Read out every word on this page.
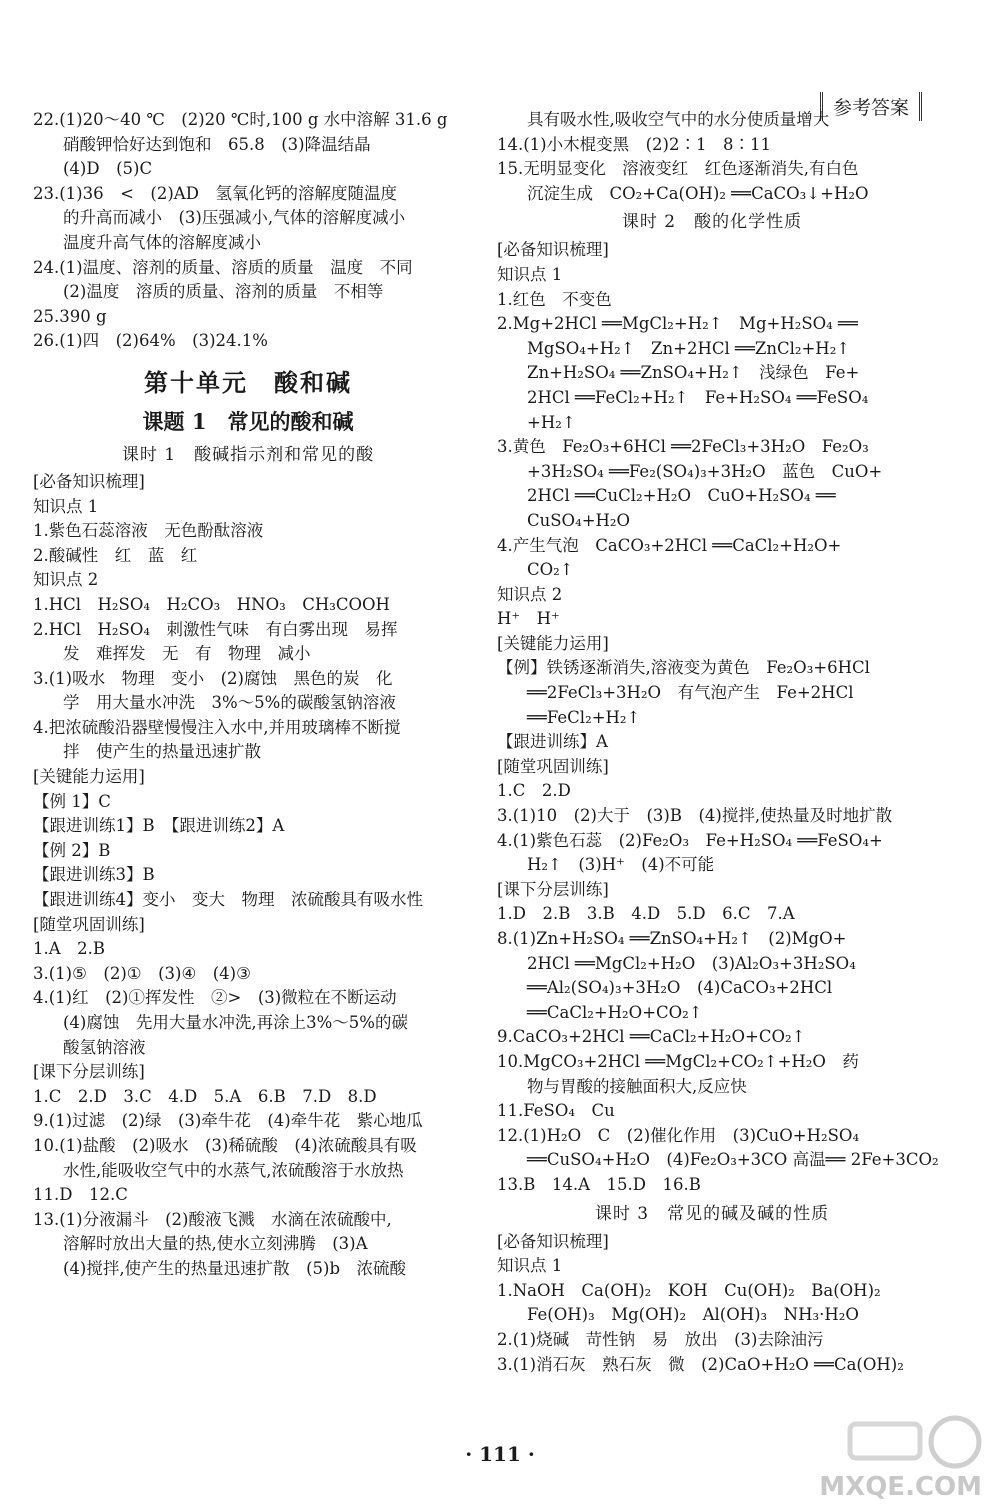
参考答案
22.(1)20～40 ℃　(2)20 ℃时,100 g 水中溶解 31.6 g
硝酸钾恰好达到饱和　65.8　(3)降温结晶
(4)D　(5)C
23.(1)36　<　(2)AD　氢氧化钙的溶解度随温度
的升高而减小　(3)压强减小,气体的溶解度减小
温度升高气体的溶解度减小
24.(1)温度、溶剂的质量、溶质的质量　温度　不同
(2)温度　溶质的质量、溶剂的质量　不相等
25.390 g
26.(1)四　(2)64%　(3)24.1%
第十单元　酸和碱
课题 1　常见的酸和碱
课时 1　酸碱指示剂和常见的酸
[必备知识梳理]
知识点 1
1.紫色石蕊溶液　无色酚酞溶液
2.酸碱性　红　蓝　红
知识点 2
1.HCl　H₂SO₄　H₂CO₃　HNO₃　CH₃COOH
2.HCl　H₂SO₄　刺激性气味　有白雾出现　易挥
发　难挥发　无　有　物理　减小
3.(1)吸水　物理　变小　(2)腐蚀　黑色的炭　化
学　用大量水冲洗　3%～5%的碳酸氢钠溶液
4.把浓硫酸沿器壁慢慢注入水中,并用玻璃棒不断搅
拌　使产生的热量迅速扩散
[关键能力运用]
【例 1】C
【跟进训练1】B　【跟进训练2】A
【例 2】B
【跟进训练3】B
【跟进训练4】变小　变大　物理　浓硫酸具有吸水性
[随堂巩固训练]
1.A　2.B
3.(1)⑤　(2)①　(3)④　(4)③
4.(1)红　(2)①挥发性　②>　(3)微粒在不断运动
(4)腐蚀　先用大量水冲洗,再涂上3%～5%的碳
酸氢钠溶液
[课下分层训练]
1.C　2.D　3.C　4.D　5.A　6.B　7.D　8.D
9.(1)过滤　(2)绿　(3)牵牛花　(4)牵牛花　紫心地瓜
10.(1)盐酸　(2)吸水　(3)稀硫酸　(4)浓硫酸具有吸
水性,能吸收空气中的水蒸气,浓硫酸溶于水放热
11.D　12.C
13.(1)分液漏斗　(2)酸液飞溅　水滴在浓硫酸中,
溶解时放出大量的热,使水立刻沸腾　(3)A
(4)搅拌,使产生的热量迅速扩散　(5)b　浓硫酸
具有吸水性,吸收空气中的水分使质量增大
14.(1)小木棍变黑　(2)2∶1　8∶11
15.无明显变化　溶液变红　红色逐渐消失,有白色
沉淀生成　CO₂+Ca(OH)₂ ══CaCO₃↓+H₂O
课时 2　酸的化学性质
[必备知识梳理]
知识点 1
1.红色　不变色
2.Mg+2HCl ══MgCl₂+H₂↑　Mg+H₂SO₄ ══
MgSO₄+H₂↑　Zn+2HCl ══ZnCl₂+H₂↑
Zn+H₂SO₄ ══ZnSO₄+H₂↑　浅绿色　Fe+
2HCl ══FeCl₂+H₂↑　Fe+H₂SO₄ ══FeSO₄
+H₂↑
3.黄色　Fe₂O₃+6HCl ══2FeCl₃+3H₂O　Fe₂O₃
+3H₂SO₄ ══Fe₂(SO₄)₃+3H₂O　蓝色　CuO+
2HCl ══CuCl₂+H₂O　CuO+H₂SO₄ ══
CuSO₄+H₂O
4.产生气泡　CaCO₃+2HCl ══CaCl₂+H₂O+
CO₂↑
知识点 2
H⁺　H⁺
[关键能力运用]
【例】铁锈逐渐消失,溶液变为黄色　Fe₂O₃+6HCl
══2FeCl₃+3H₂O　有气泡产生　Fe+2HCl
══FeCl₂+H₂↑
【跟进训练】A
[随堂巩固训练]
1.C　2.D
3.(1)10　(2)大于　(3)B　(4)搅拌,使热量及时地扩散
4.(1)紫色石蕊　(2)Fe₂O₃　Fe+H₂SO₄ ══FeSO₄+
H₂↑　(3)H⁺　(4)不可能
[课下分层训练]
1.D　2.B　3.B　4.D　5.D　6.C　7.A
8.(1)Zn+H₂SO₄ ══ZnSO₄+H₂↑　(2)MgO+
2HCl ══MgCl₂+H₂O　(3)Al₂O₃+3H₂SO₄
══Al₂(SO₄)₃+3H₂O　(4)CaCO₃+2HCl
══CaCl₂+H₂O+CO₂↑
9.CaCO₃+2HCl ══CaCl₂+H₂O+CO₂↑
10.MgCO₃+2HCl ══MgCl₂+CO₂↑+H₂O　药
物与胃酸的接触面积大,反应快
11.FeSO₄　Cu
12.(1)H₂O　C　(2)催化作用　(3)CuO+H₂SO₄
══CuSO₄+H₂O　(4)Fe₂O₃+3CO 高温══ 2Fe+3CO₂
13.B　14.A　15.D　16.B
课时 3　常见的碱及碱的性质
[必备知识梳理]
知识点 1
1.NaOH　Ca(OH)₂　KOH　Cu(OH)₂　Ba(OH)₂
Fe(OH)₃　Mg(OH)₂　Al(OH)₃　NH₃·H₂O
2.(1)烧碱　苛性钠　易　放出　(3)去除油污
3.(1)消石灰　熟石灰　微　(2)CaO+H₂O ══Ca(OH)₂
· 111 ·
MXQE.COM
